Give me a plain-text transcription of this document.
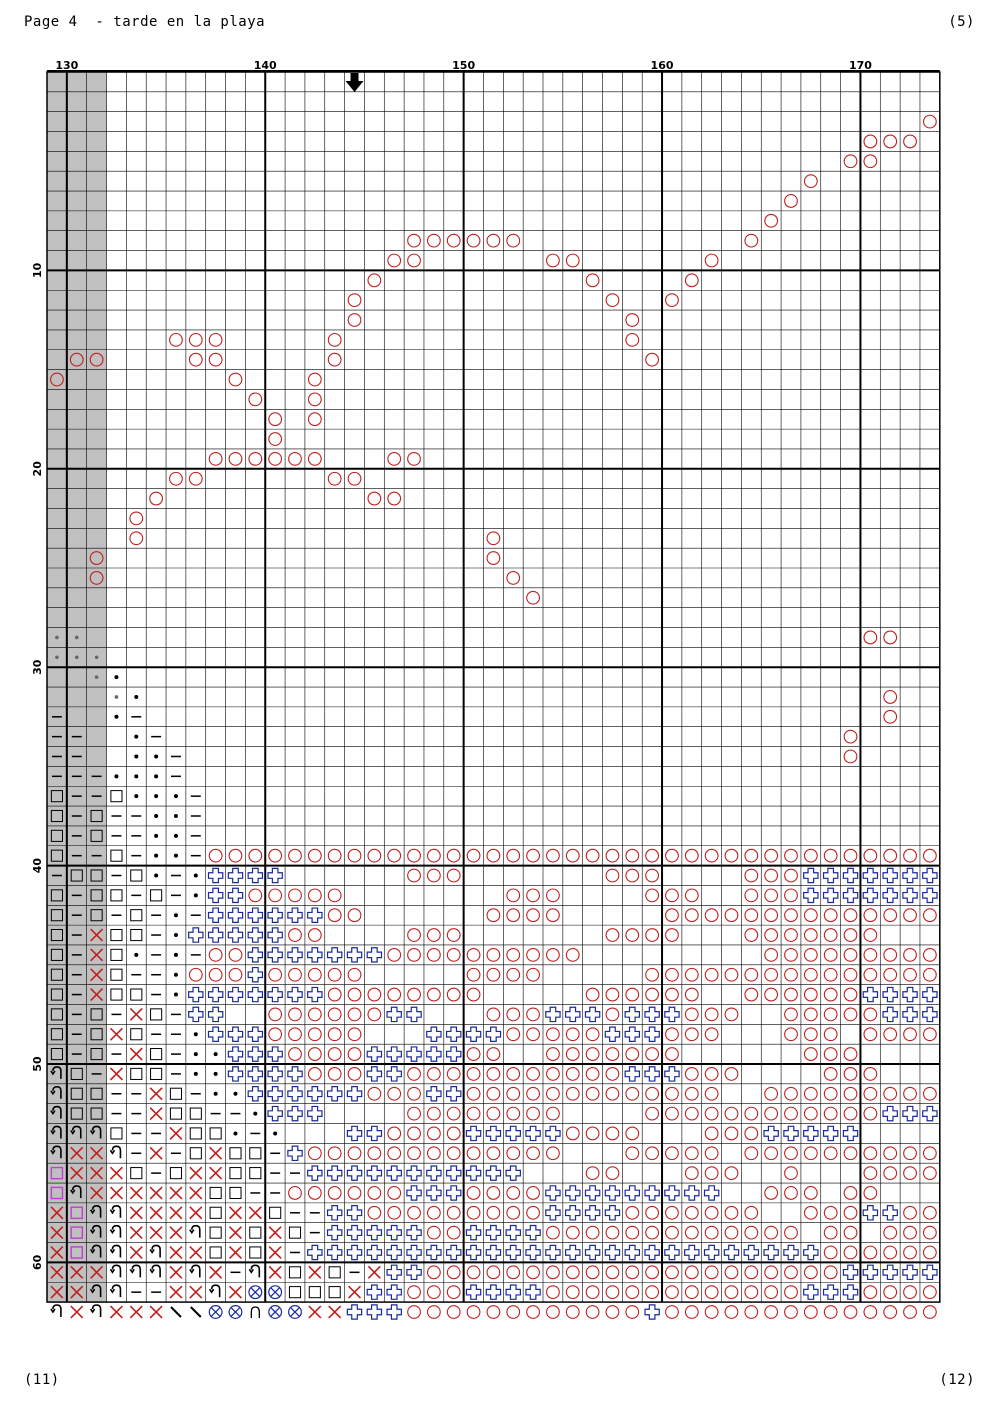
Page 4  - tarde en la playa	(5)
(11)	(12)
130	140	150	160	170
10
20
30
40
50
60
